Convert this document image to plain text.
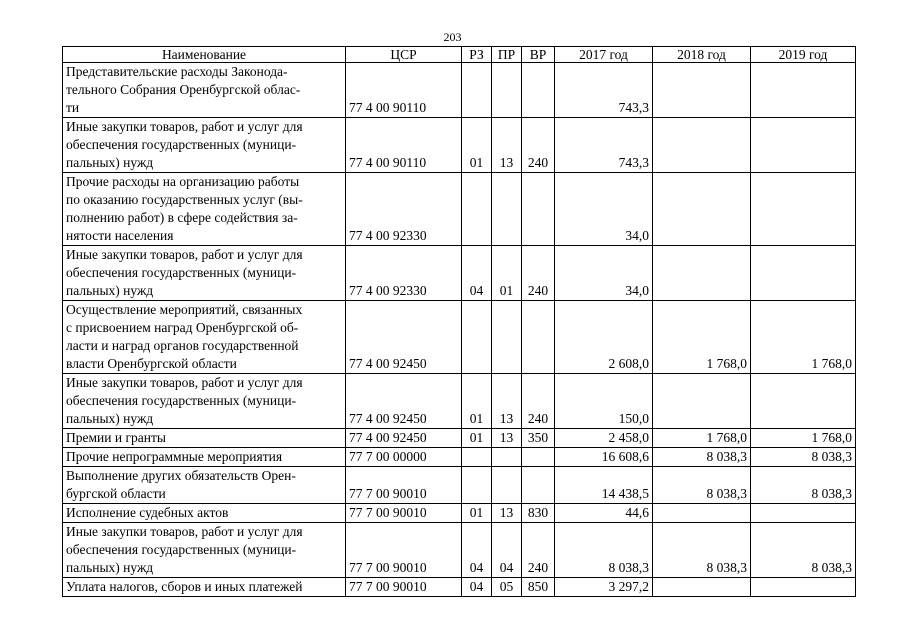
203
Наименование	ЦСР	РЗ	ПР	ВР	2017 год	2018 год	2019 год
Представительские расходы Законода-
тельного Собрания Оренбургской облас-
ти	77 4 00 90110				743,3		
Иные закупки товаров, работ и услуг для
обеспечения государственных (муници-
пальных) нужд	77 4 00 90110	01	13	240	743,3		
Прочие расходы на организацию работы
по оказанию государственных услуг (вы-
полнению работ) в сфере содействия за-
нятости населения	77 4 00 92330				34,0		
Иные закупки товаров, работ и услуг для
обеспечения государственных (муници-
пальных) нужд	77 4 00 92330	04	01	240	34,0		
Осуществление мероприятий, связанных
с присвоением наград Оренбургской об-
ласти и наград органов государственной
власти Оренбургской области	77 4 00 92450				2 608,0	1 768,0	1 768,0
Иные закупки товаров, работ и услуг для
обеспечения государственных (муници-
пальных) нужд	77 4 00 92450	01	13	240	150,0		
Премии и гранты	77 4 00 92450	01	13	350	2 458,0	1 768,0	1 768,0
Прочие непрограммные мероприятия	77 7 00 00000				16 608,6	8 038,3	8 038,3
Выполнение других обязательств Орен-
бургской области	77 7 00 90010				14 438,5	8 038,3	8 038,3
Исполнение судебных актов	77 7 00 90010	01	13	830	44,6		
Иные закупки товаров, работ и услуг для
обеспечения государственных (муници-
пальных) нужд	77 7 00 90010	04	04	240	8 038,3	8 038,3	8 038,3
Уплата налогов, сборов и иных платежей	77 7 00 90010	04	05	850	3 297,2		
